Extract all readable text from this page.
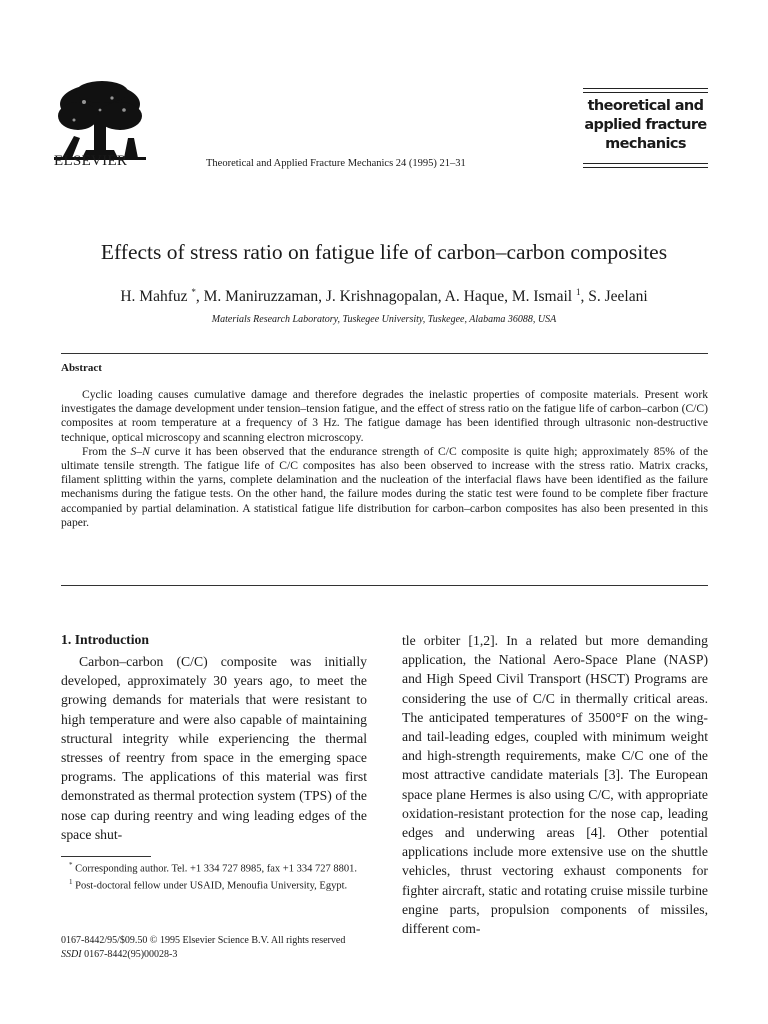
ELSEVIER	Theoretical and Applied Fracture Mechanics 24 (1995) 21–31
theoretical and
applied fracture
mechanics
Effects of stress ratio on fatigue life of carbon–carbon composites
H. Mahfuz *, M. Maniruzzaman, J. Krishnagopalan, A. Haque, M. Ismail $^1$, S. Jeelani
Materials Research Laboratory, Tuskegee University, Tuskegee, Alabama 36088, USA
Abstract

Cyclic loading causes cumulative damage and therefore degrades the inelastic properties of composite materials. Present work investigates the damage development under tension–tension fatigue, and the effect of stress ratio on the fatigue life of carbon–carbon (C/C) composites at room temperature at a frequency of 3 Hz. The fatigue damage has been identified through ultrasonic non-destructive technique, optical microscopy and scanning electron microscopy.

From the S–N curve it has been observed that the endurance strength of C/C composite is quite high; approximately 85% of the ultimate tensile strength. The fatigue life of C/C composites has also been observed to increase with the stress ratio. Matrix cracks, filament splitting within the yarns, complete delamination and the nucleation of the interfacial flaws have been identified as the failure mechanisms during the fatigue tests. On the other hand, the failure modes during the static test were found to be complete fiber fracture accompanied by partial delamination. A statistical fatigue life distribution for carbon–carbon composites has also been presented in this paper.

1. Introduction

Carbon–carbon (C/C) composite was initially developed, approximately 30 years ago, to meet the growing demands for materials that were resistant to high temperature and were also capable of maintaining structural integrity while experiencing the thermal stresses of reentry from space in the emerging space programs. The applications of this material was first demonstrated as thermal protection system (TPS) of the nose cap during reentry and wing leading edges of the space shut-

tle orbiter [1,2]. In a related but more demanding application, the National Aero-Space Plane (NASP) and High Speed Civil Transport (HSCT) Programs are considering the use of C/C in thermally critical areas. The anticipated temperatures of 3500°F on the wing- and tail-leading edges, coupled with minimum weight and high-strength requirements, make C/C one of the most attractive candidate materials [3]. The European space plane Hermes is also using C/C, with appropriate oxidation-resistant protection for the nose cap, leading edges and underwing areas [4]. Other potential applications include more extensive use on the shuttle vehicles, thrust vectoring exhaust components for fighter aircraft, static and rotating cruise missile turbine engine parts, propulsion components of missiles, different com-

* Corresponding author. Tel. +1 334 727 8985, fax +1 334 727 8801.

$^1$ Post-doctoral fellow under USAID, Menoufia University, Egypt.

0167-8442/95/$09.50 © 1995 Elsevier Science B.V. All rights reserved
SSDI 0167-8442(95)00028-3
